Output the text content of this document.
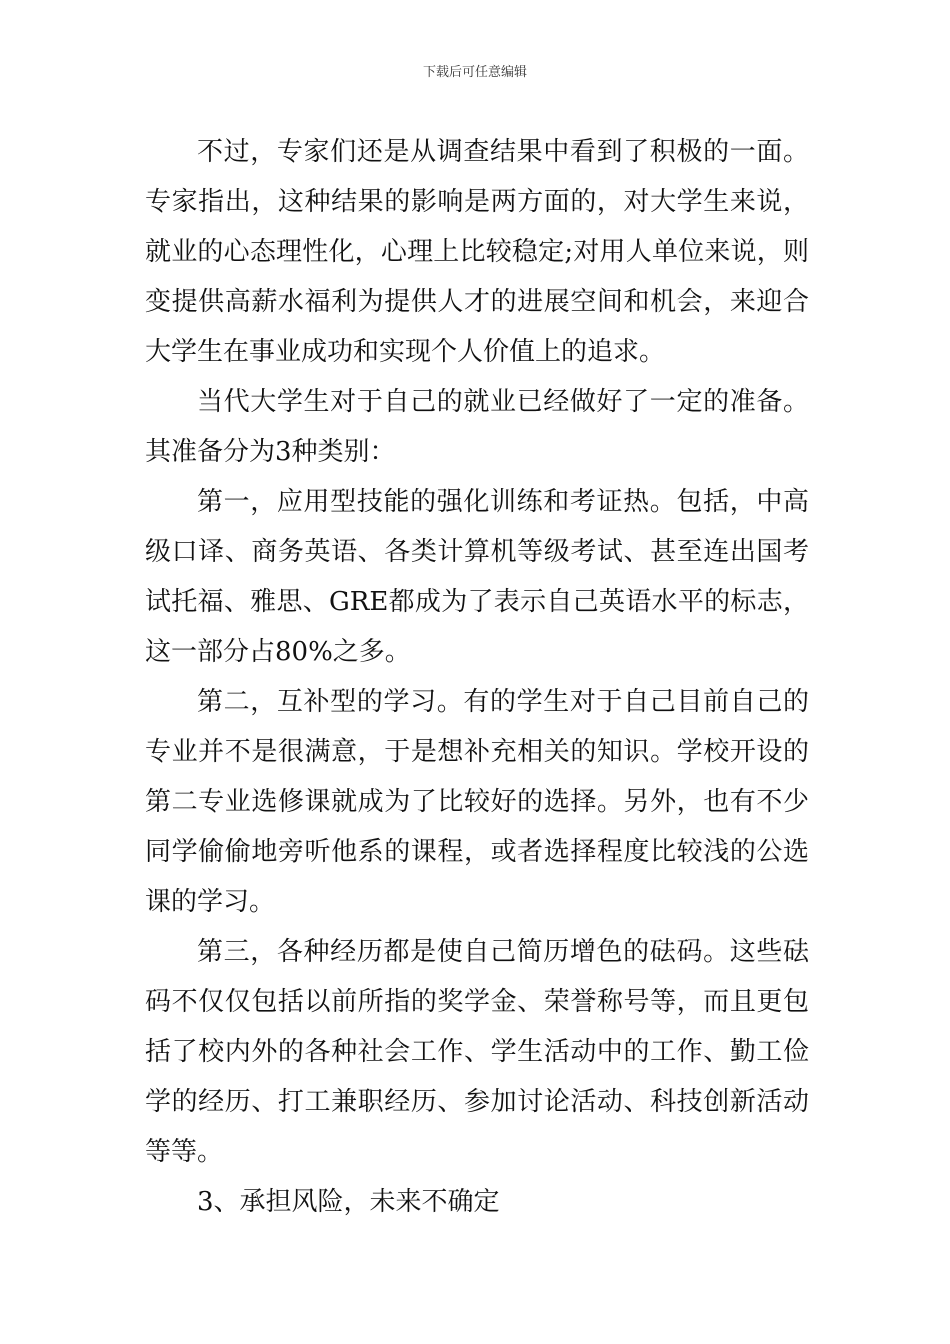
下载后可任意编辑

不过，专家们还是从调查结果中看到了积极的一面。专家指出，这种结果的影响是两方面的，对大学生来说，就业的心态理性化，心理上比较稳定;对用人单位来说，则变提供高薪水福利为提供人才的进展空间和机会，来迎合大学生在事业成功和实现个人价值上的追求。

当代大学生对于自己的就业已经做好了一定的准备。其准备分为3种类别：

第一，应用型技能的强化训练和考证热。包括，中高级口译、商务英语、各类计算机等级考试、甚至连出国考试托福、雅思、GRE都成为了表示自己英语水平的标志，这一部分占80%之多。

第二，互补型的学习。有的学生对于自己目前自己的专业并不是很满意，于是想补充相关的知识。学校开设的第二专业选修课就成为了比较好的选择。另外，也有不少同学偷偷地旁听他系的课程，或者选择程度比较浅的公选课的学习。

第三，各种经历都是使自己简历增色的砝码。这些砝码不仅仅包括以前所指的奖学金、荣誉称号等，而且更包括了校内外的各种社会工作、学生活动中的工作、勤工俭学的经历、打工兼职经历、参加讨论活动、科技创新活动等等。

3、承担风险，未来不确定
